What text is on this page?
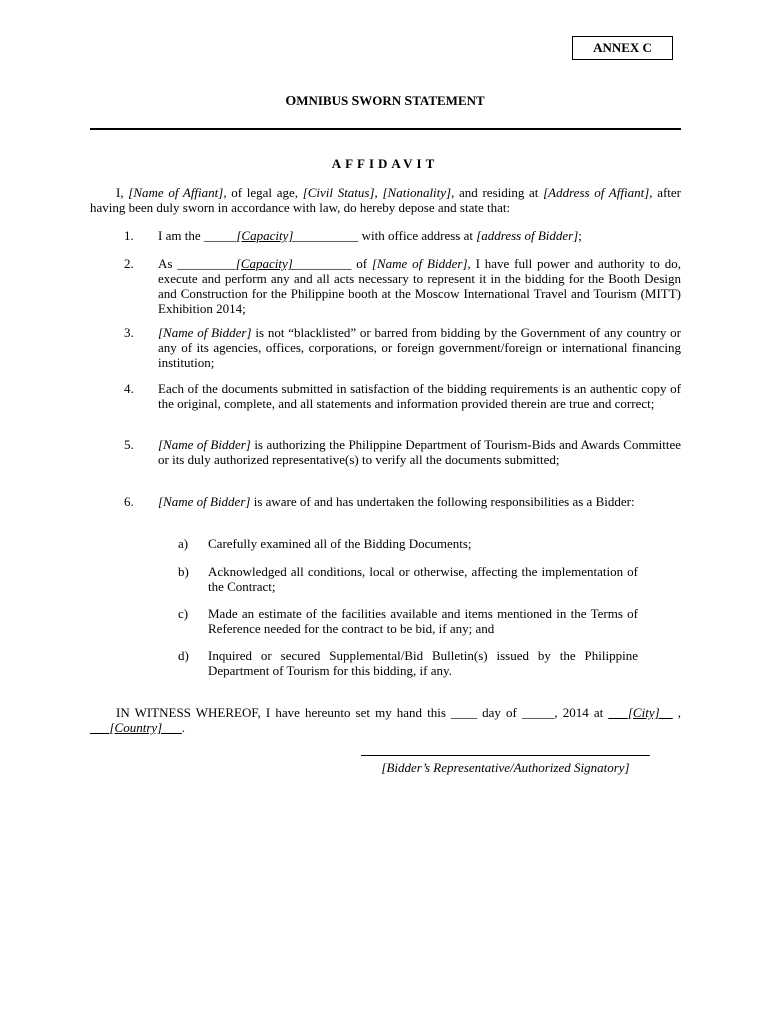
ANNEX C
OMNIBUS SWORN STATEMENT
AFFIDAVIT
I, [Name of Affiant], of legal age, [Civil Status], [Nationality], and residing at [Address of Affiant], after having been duly sworn in accordance with law, do hereby depose and state that:
1.	I am the _____[Capacity]__________ with office address at [address of Bidder];
2.	As _________[Capacity]_________ of [Name of Bidder], I have full power and authority to do, execute and perform any and all acts necessary to represent it in the bidding for the Booth Design and Construction for the Philippine booth at the Moscow International Travel and Tourism (MITT) Exhibition 2014;
3.	[Name of Bidder] is not “blacklisted” or barred from bidding by the Government of any country or any of its agencies, offices, corporations, or foreign government/foreign or international financing institution;
4.	Each of the documents submitted in satisfaction of the bidding requirements is an authentic copy of the original, complete, and all statements and information provided therein are true and correct;
5.	[Name of Bidder] is authorizing the Philippine Department of Tourism-Bids and Awards Committee or its duly authorized representative(s) to verify all the documents submitted;
6.	[Name of Bidder] is aware of and has undertaken the following responsibilities as a Bidder:
a) Carefully examined all of the Bidding Documents;
b) Acknowledged all conditions, local or otherwise, affecting the implementation of the Contract;
c) Made an estimate of the facilities available and items mentioned in the Terms of Reference needed for the contract to be bid, if any; and
d) Inquired or secured Supplemental/Bid Bulletin(s) issued by the Philippine Department of Tourism for this bidding, if any.
IN WITNESS WHEREOF, I have hereunto set my hand this ____ day of _____, 2014 at ___[City]__ , ___[Country]___.
[Bidder’s Representative/Authorized Signatory]
